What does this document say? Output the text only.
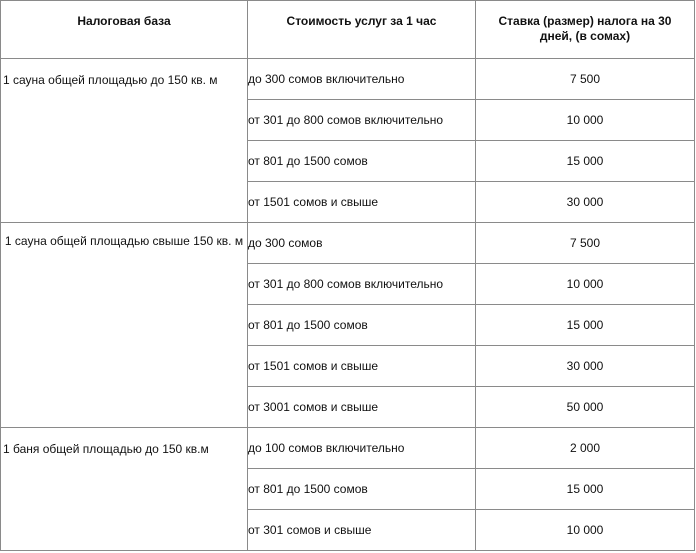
Налоговая база	Стоимость услуг за 1 час	Ставка (размер) налога на 30 дней, (в сомах)

1 сауна общей площадью до 150 кв. м	до 300 сомов включительно	7 500
	от 301 до 800 сомов включительно	10 000
	от 801 до 1500 сомов	15 000
	от 1501 сомов и свыше	30 000

1 сауна общей площадью свыше 150 кв. м	до 300 сомов	7 500
	от 301 до 800 сомов включительно	10 000
	от 801 до 1500 сомов	15 000
	от 1501 сомов и свыше	30 000
	от 3001 сомов и свыше	50 000

1 баня общей площадью до 150 кв.м	до 100 сомов включительно	2 000
	от 801 до 1500 сомов	15 000
	от 301 сомов и свыше	10 000
